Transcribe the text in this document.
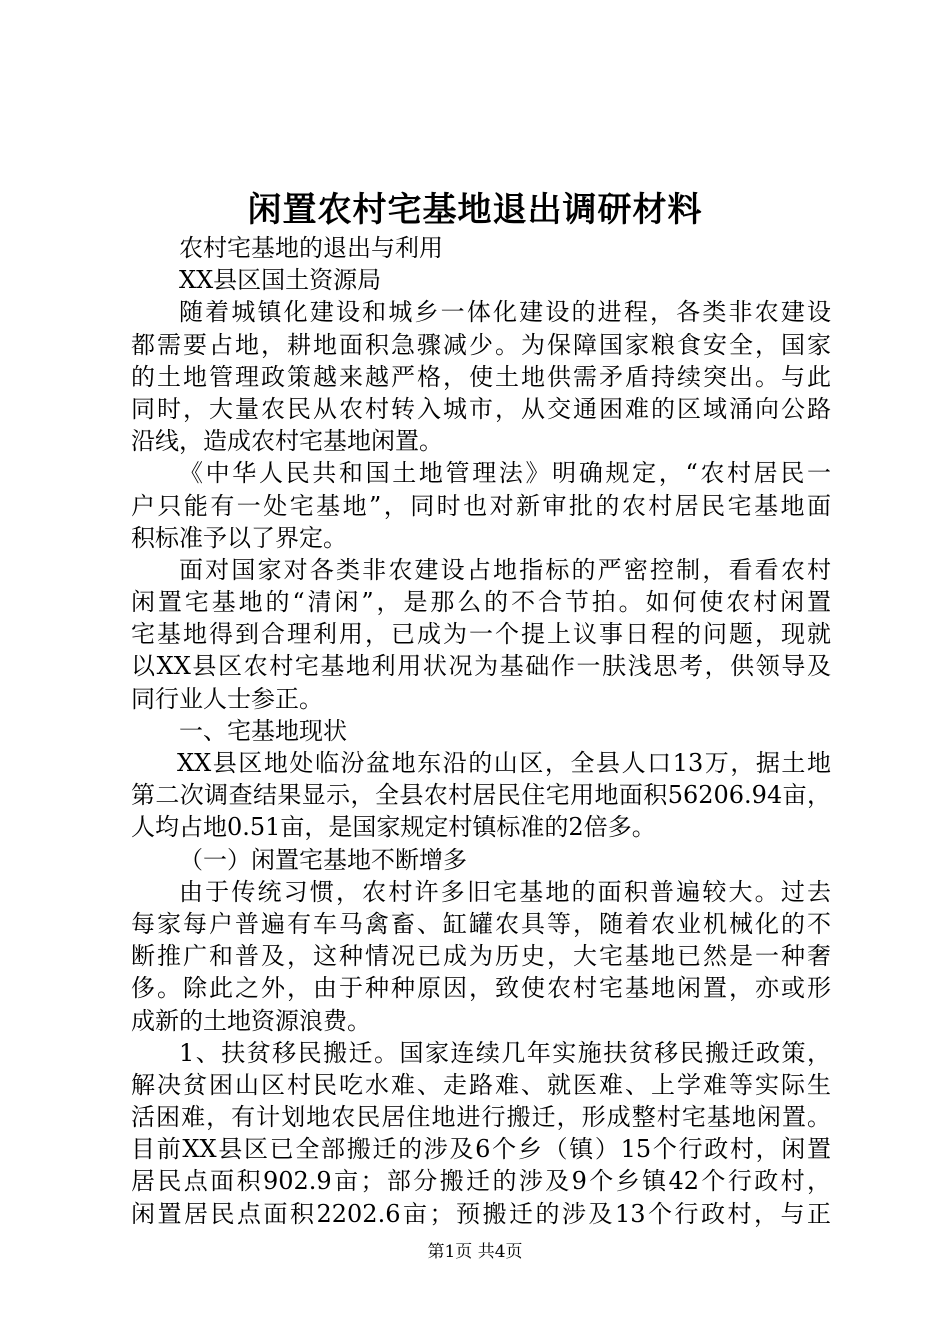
闲置农村宅基地退出调研材料
农村宅基地的退出与利用
XX县区国土资源局
随着城镇化建设和城乡一体化建设的进程，各类非农建设
都需要占地，耕地面积急骤减少。为保障国家粮食安全，国家
的土地管理政策越来越严格，使土地供需矛盾持续突出。与此
同时，大量农民从农村转入城市，从交通困难的区域涌向公路
沿线，造成农村宅基地闲置。
《中华人民共和国土地管理法》明确规定，“农村居民一
户只能有一处宅基地”，同时也对新审批的农村居民宅基地面
积标准予以了界定。
面对国家对各类非农建设占地指标的严密控制，看看农村
闲置宅基地的“清闲”，是那么的不合节拍。如何使农村闲置
宅基地得到合理利用，已成为一个提上议事日程的问题，现就
以XX县区农村宅基地利用状况为基础作一肤浅思考，供领导及
同行业人士参正。
一、宅基地现状
XX县区地处临汾盆地东沿的山区，全县人口13万，据土地
第二次调查结果显示，全县农村居民住宅用地面积56206.94亩，
人均占地0.51亩，是国家规定村镇标准的2倍多。
（一）闲置宅基地不断增多
由于传统习惯，农村许多旧宅基地的面积普遍较大。过去
每家每户普遍有车马禽畜、缸罐农具等，随着农业机械化的不
断推广和普及，这种情况已成为历史，大宅基地已然是一种奢
侈。除此之外，由于种种原因，致使农村宅基地闲置，亦或形
成新的土地资源浪费。
1、扶贫移民搬迁。国家连续几年实施扶贫移民搬迁政策，
解决贫困山区村民吃水难、走路难、就医难、上学难等实际生
活困难，有计划地农民居住地进行搬迁，形成整村宅基地闲置。
目前XX县区已全部搬迁的涉及6个乡（镇）15个行政村，闲置
居民点面积902.9亩；部分搬迁的涉及9个乡镇42个行政村，
闲置居民点面积2202.6亩；预搬迁的涉及13个行政村，与正
第1页 共4页
